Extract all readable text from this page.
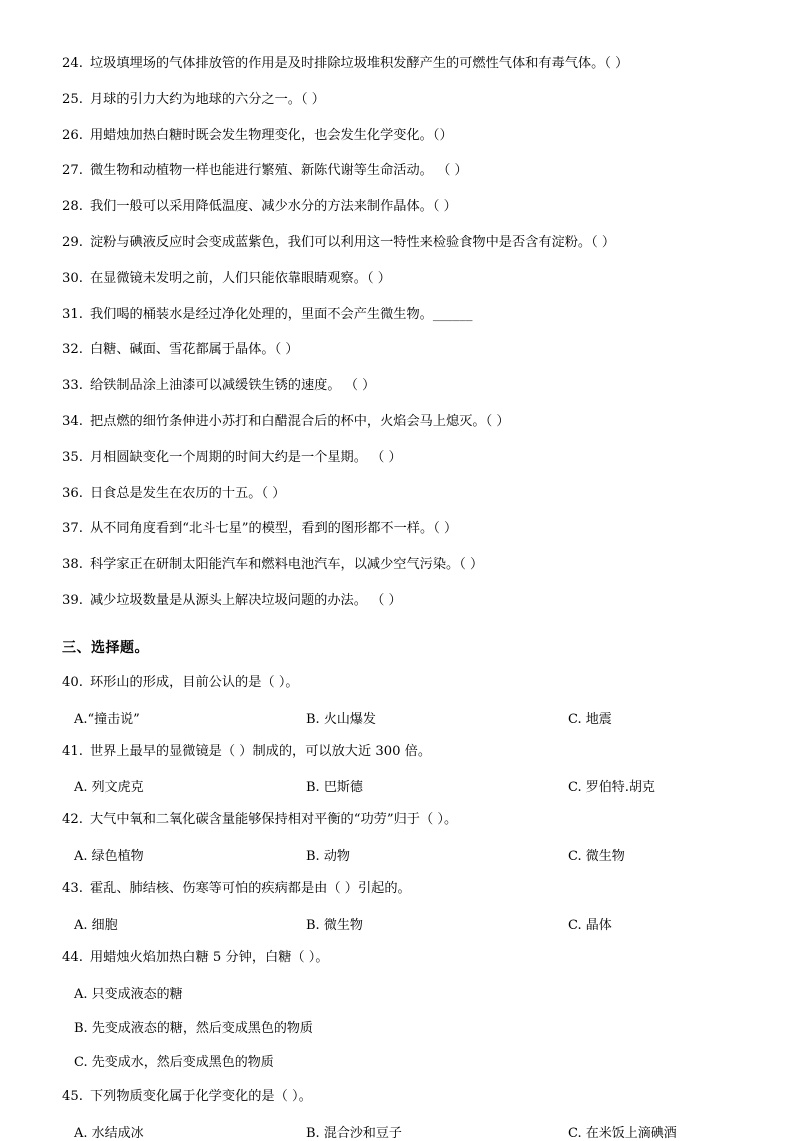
24. 垃圾填埋场的气体排放管的作用是及时排除垃圾堆积发酵产生的可燃性气体和有毒气体。（ ）
25. 月球的引力大约为地球的六分之一。（ ）
26. 用蜡烛加热白糖时既会发生物理变化，也会发生化学变化。（）
27. 微生物和动植物一样也能进行繁殖、新陈代谢等生命活动。 （ ）
28. 我们一般可以采用降低温度、减少水分的方法来制作晶体。（ ）
29. 淀粉与碘液反应时会变成蓝紫色，我们可以利用这一特性来检验食物中是否含有淀粉。（ ）
30. 在显微镜未发明之前，人们只能依靠眼睛观察。（ ）
31. 我们喝的桶装水是经过净化处理的，里面不会产生微生物。______
32. 白糖、碱面、雪花都属于晶体。（ ）
33. 给铁制品涂上油漆可以减缓铁生锈的速度。 （ ）
34. 把点燃的细竹条伸进小苏打和白醋混合后的杯中，火焰会马上熄灭。（ ）
35. 月相圆缺变化一个周期的时间大约是一个星期。 （ ）
36. 日食总是发生在农历的十五。（ ）
37. 从不同角度看到“北斗七星”的模型，看到的图形都不一样。（ ）
38. 科学家正在研制太阳能汽车和燃料电池汽车，以减少空气污染。（ ）
39. 减少垃圾数量是从源头上解决垃圾问题的办法。 （ ）
三、选择题。
40. 环形山的形成，目前公认的是（ ）。
A.“撞击说”	B. 火山爆发	C. 地震
41. 世界上最早的显微镜是（ ）制成的，可以放大近 300 倍。
A. 列文虎克	B. 巴斯德	C. 罗伯特.胡克
42. 大气中氧和二氧化碳含量能够保持相对平衡的“功劳”归于（ ）。
A. 绿色植物	B. 动物	C. 微生物
43. 霍乱、肺结核、伤寒等可怕的疾病都是由（ ）引起的。
A. 细胞	B. 微生物	C. 晶体
44. 用蜡烛火焰加热白糖 5 分钟，白糖（ ）。
A. 只变成液态的糖
B. 先变成液态的糖，然后变成黑色的物质
C. 先变成水，然后变成黑色的物质
45. 下列物质变化属于化学变化的是（ ）。
A. 水结成冰	B. 混合沙和豆子	C. 在米饭上滴碘酒
